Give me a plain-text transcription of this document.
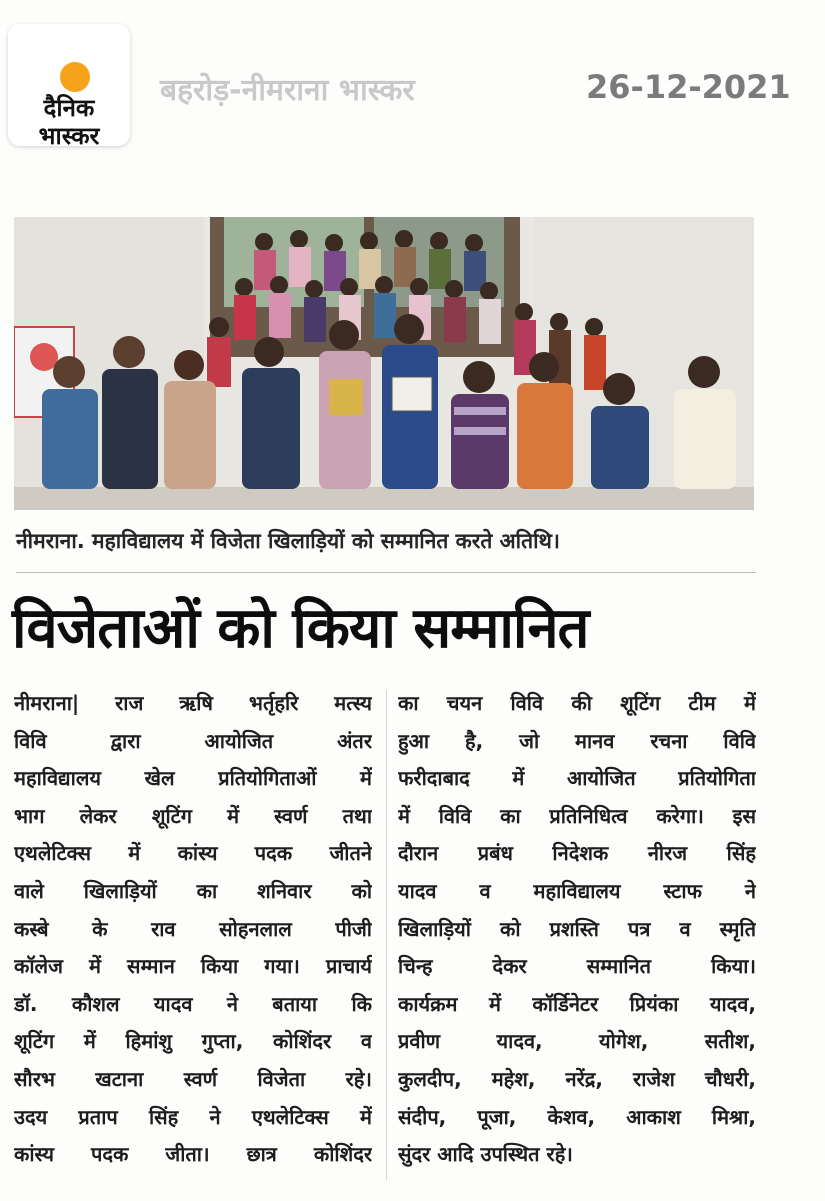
दैनिक
भास्कर
बहरोड़-नीमराना भास्कर	26-12-2021
नीमराना. महाविद्यालय में विजेता खिलाड़ियों को सम्मानित करते अतिथि।
विजेताओं को किया सम्मानित
नीमराना| राज ऋषि भर्तृहरि मत्स्य
विवि द्वारा आयोजित अंतर
महाविद्यालय खेल प्रतियोगिताओं में
भाग लेकर शूटिंग में स्वर्ण तथा
एथलेटिक्स में कांस्य पदक जीतने
वाले खिलाड़ियों का शनिवार को
कस्बे के राव सोहनलाल पीजी
कॉलेज में सम्मान किया गया। प्राचार्य
डॉ. कौशल यादव ने बताया कि
शूटिंग में हिमांशु गुप्ता, कोशिंदर व
सौरभ खटाना स्वर्ण विजेता रहे।
उदय प्रताप सिंह ने एथलेटिक्स में
कांस्य पदक जीता। छात्र कोशिंदर
का चयन विवि की शूटिंग टीम में
हुआ है, जो मानव रचना विवि
फरीदाबाद में आयोजित प्रतियोगिता
में विवि का प्रतिनिधित्व करेगा। इस
दौरान प्रबंध निदेशक नीरज सिंह
यादव व महाविद्यालय स्टाफ ने
खिलाड़ियों को प्रशस्ति पत्र व स्मृति
चिन्ह देकर सम्मानित किया।
कार्यक्रम में कॉर्डिनेटर प्रियंका यादव,
प्रवीण यादव, योगेश, सतीश,
कुलदीप, महेश, नरेंद्र, राजेश चौधरी,
संदीप, पूजा, केशव, आकाश मिश्रा,
सुंदर आदि उपस्थित रहे।
